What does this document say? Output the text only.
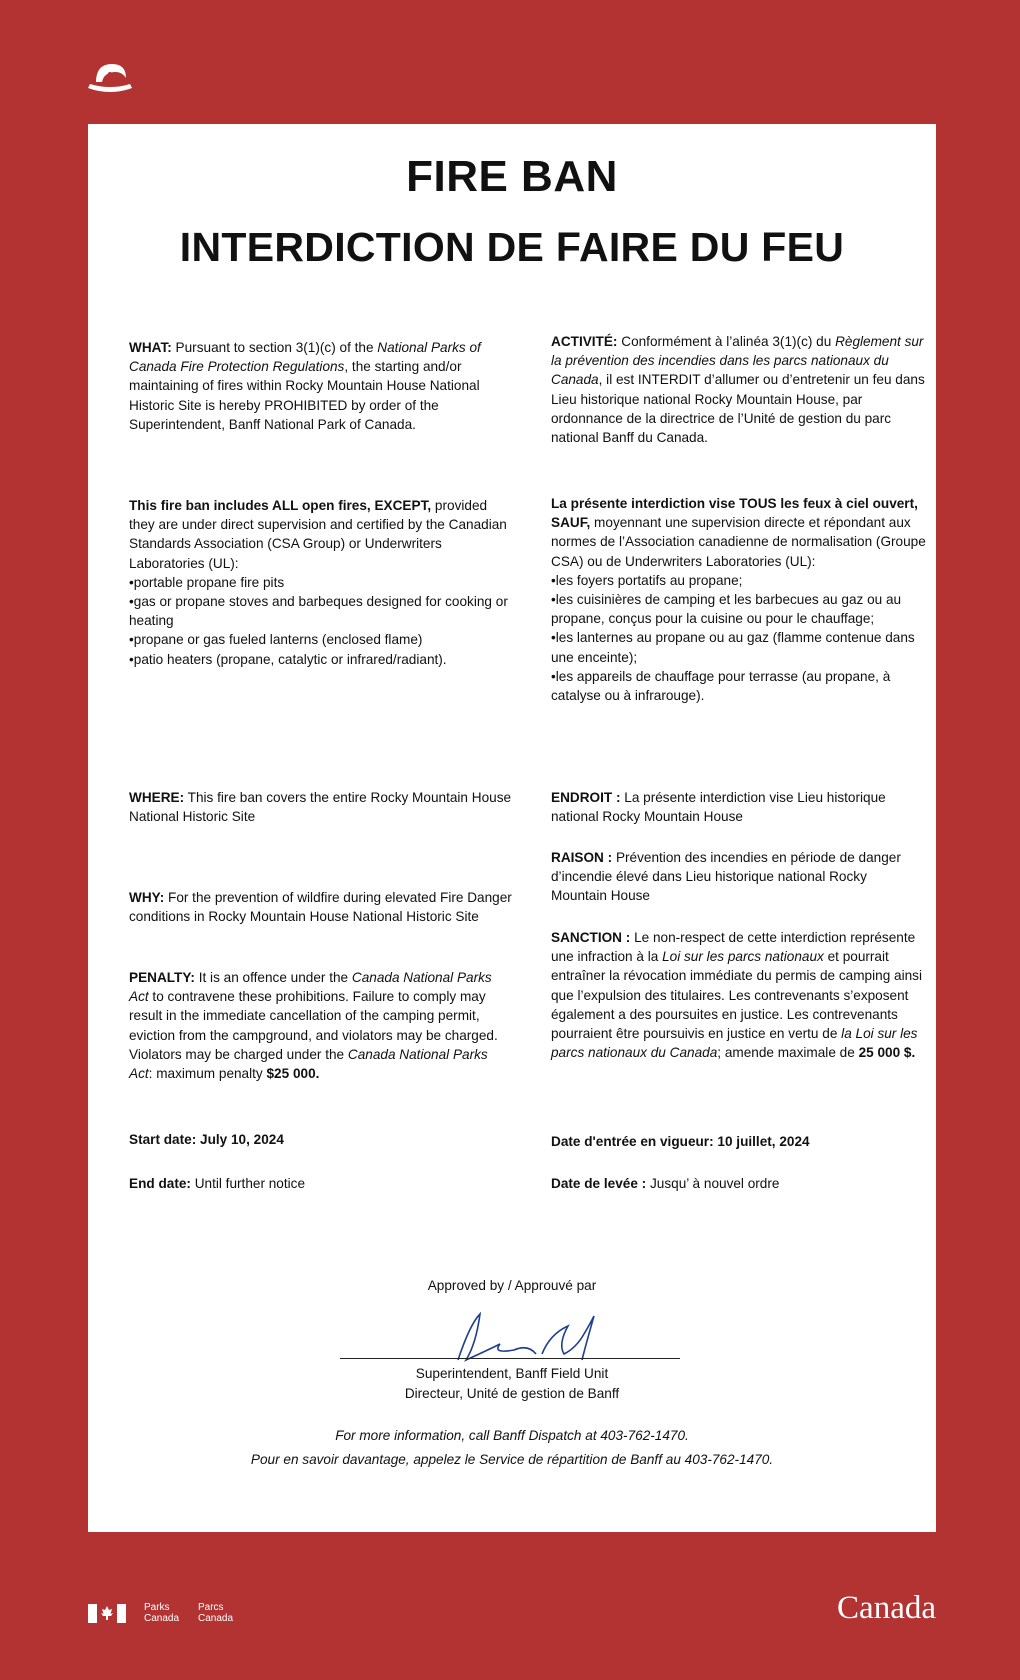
FIRE BAN
INTERDICTION DE FAIRE DU FEU

WHAT: Pursuant to section 3(1)(c) of the National Parks of Canada Fire Protection Regulations, the starting and/or maintaining of fires within Rocky Mountain House National Historic Site is hereby PROHIBITED by order of the Superintendent, Banff National Park of Canada.

This fire ban includes ALL open fires, EXCEPT, provided they are under direct supervision and certified by the Canadian Standards Association (CSA Group) or Underwriters Laboratories (UL):
•portable propane fire pits
•gas or propane stoves and barbeques designed for cooking or heating
•propane or gas fueled lanterns (enclosed flame)
•patio heaters (propane, catalytic or infrared/radiant).

WHERE: This fire ban covers the entire Rocky Mountain House National Historic Site

WHY: For the prevention of wildfire during elevated Fire Danger conditions in Rocky Mountain House National Historic Site

PENALTY: It is an offence under the Canada National Parks Act to contravene these prohibitions. Failure to comply may result in the immediate cancellation of the camping permit, eviction from the campground, and violators may be charged. Violators may be charged under the Canada National Parks Act: maximum penalty $25 000.

Start date: July 10, 2024

End date: Until further notice

ACTIVITÉ: Conformément à l’alinéa 3(1)(c) du Règlement sur la prévention des incendies dans les parcs nationaux du Canada, il est INTERDIT d’allumer ou d’entretenir un feu dans Lieu historique national Rocky Mountain House, par ordonnance de la directrice de l’Unité de gestion du parc national Banff du Canada.

La présente interdiction vise TOUS les feux à ciel ouvert, SAUF, moyennant une supervision directe et répondant aux normes de l’Association canadienne de normalisation (Groupe CSA) ou de Underwriters Laboratories (UL):
•les foyers portatifs au propane;
•les cuisinières de camping et les barbecues au gaz ou au propane, conçus pour la cuisine ou pour le chauffage;
•les lanternes au propane ou au gaz (flamme contenue dans une enceinte);
•les appareils de chauffage pour terrasse (au propane, à catalyse ou à infrarouge).

ENDROIT : La présente interdiction vise Lieu historique national Rocky Mountain House

RAISON : Prévention des incendies en période de danger d’incendie élevé dans Lieu historique national Rocky Mountain House

SANCTION : Le non-respect de cette interdiction représente une infraction à la Loi sur les parcs nationaux et pourrait entraîner la révocation immédiate du permis de camping ainsi que l’expulsion des titulaires. Les contrevenants s’exposent également a des poursuites en justice. Les contrevenants pourraient être poursuivis en justice en vertu de la Loi sur les parcs nationaux du Canada; amende maximale de 25 000 $.

Date d'entrée en vigueur: 10 juillet, 2024

Date de levée : Jusqu’ à nouvel ordre

Approved by / Approuvé par
Superintendent, Banff Field Unit
Directeur, Unité de gestion de Banff
For more information, call Banff Dispatch at 403-762-1470.
Pour en savoir davantage, appelez le Service de répartition de Banff au 403-762-1470.
Parks
Canada
Parcs
Canada	Canada
